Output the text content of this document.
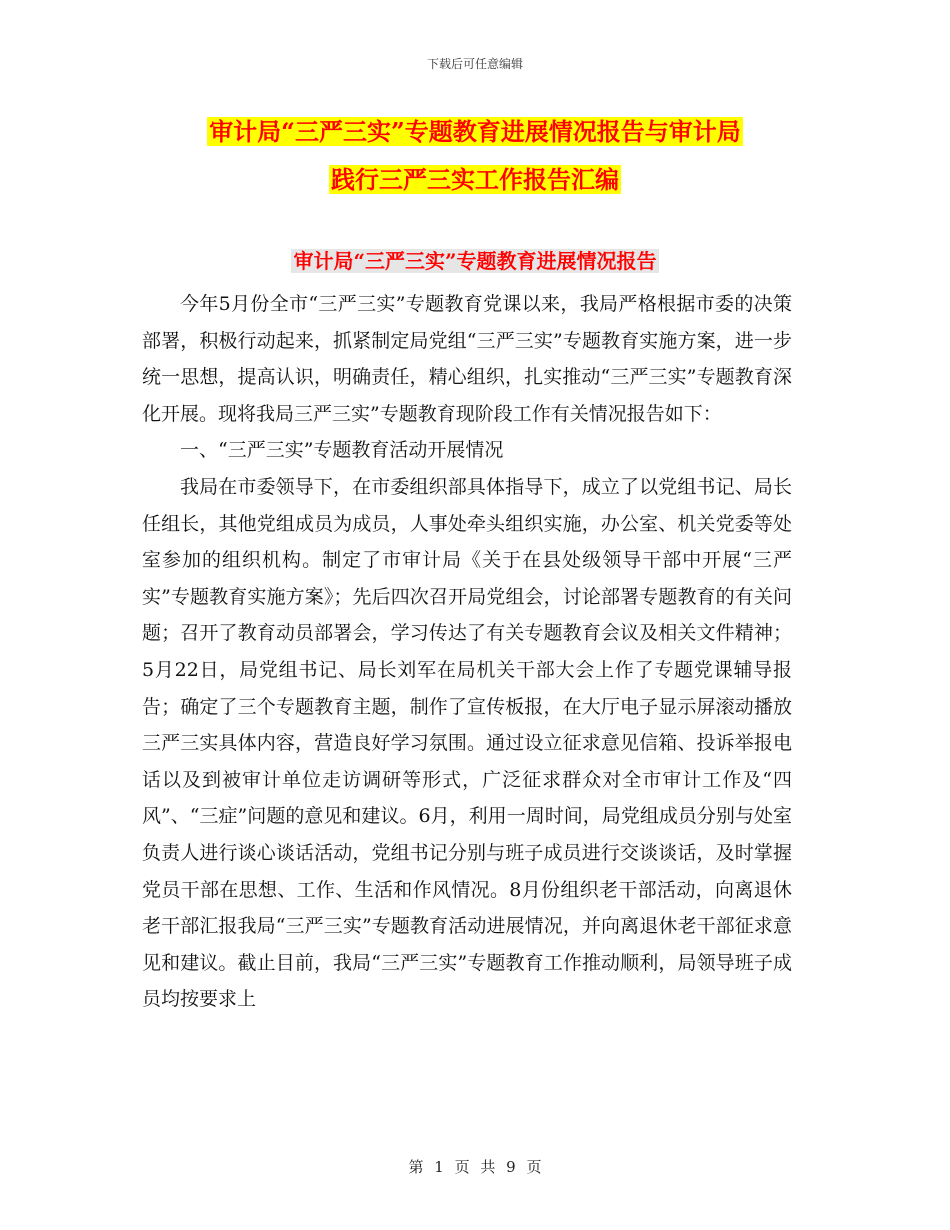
下载后可任意编辑
审计局“三严三实”专题教育进展情况报告与审计局
践行三严三实工作报告汇编
审计局“三严三实”专题教育进展情况报告

今年5月份全市“三严三实”专题教育党课以来，我局严格根据市委的决策部署，积极行动起来，抓紧制定局党组“三严三实”专题教育实施方案，进一步统一思想，提高认识，明确责任，精心组织，扎实推动“三严三实”专题教育深化开展。现将我局三严三实”专题教育现阶段工作有关情况报告如下：

一、“三严三实”专题教育活动开展情况

我局在市委领导下，在市委组织部具体指导下，成立了以党组书记、局长任组长，其他党组成员为成员，人事处牵头组织实施，办公室、机关党委等处室参加的组织机构。制定了市审计局《关于在县处级领导干部中开展“三严实”专题教育实施方案》；先后四次召开局党组会，讨论部署专题教育的有关问题；召开了教育动员部署会，学习传达了有关专题教育会议及相关文件精神；5月22日，局党组书记、局长刘军在局机关干部大会上作了专题党课辅导报告；确定了三个专题教育主题，制作了宣传板报，在大厅电子显示屏滚动播放三严三实具体内容，营造良好学习氛围。通过设立征求意见信箱、投诉举报电话以及到被审计单位走访调研等形式，广泛征求群众对全市审计工作及“四风”、“三症”问题的意见和建议。6月，利用一周时间，局党组成员分别与处室负责人进行谈心谈话活动，党组书记分别与班子成员进行交谈谈话，及时掌握党员干部在思想、工作、生活和作风情况。8月份组织老干部活动，向离退休老干部汇报我局“三严三实”专题教育活动进展情况，并向离退休老干部征求意见和建议。截止目前，我局“三严三实”专题教育工作推动顺利，局领导班子成员均按要求上

第 1 页 共 9 页
